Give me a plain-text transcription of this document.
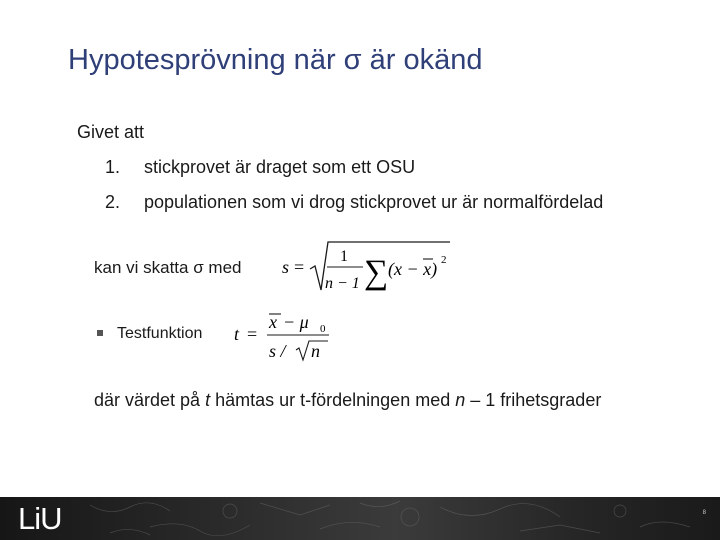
Hypotesprövning när σ är okänd
Givet att
1. stickprovet är draget som ett OSU
2. populationen som vi drog stickprovet ur är normalfördelad
kan vi skatta σ med s =
1
n − 1 ∑ (x − x) 2
Testfunktion t =
x − μ 0
s / n
där värdet på t hämtas ur t-fördelningen med n – 1 frihetsgrader
LiU	8
